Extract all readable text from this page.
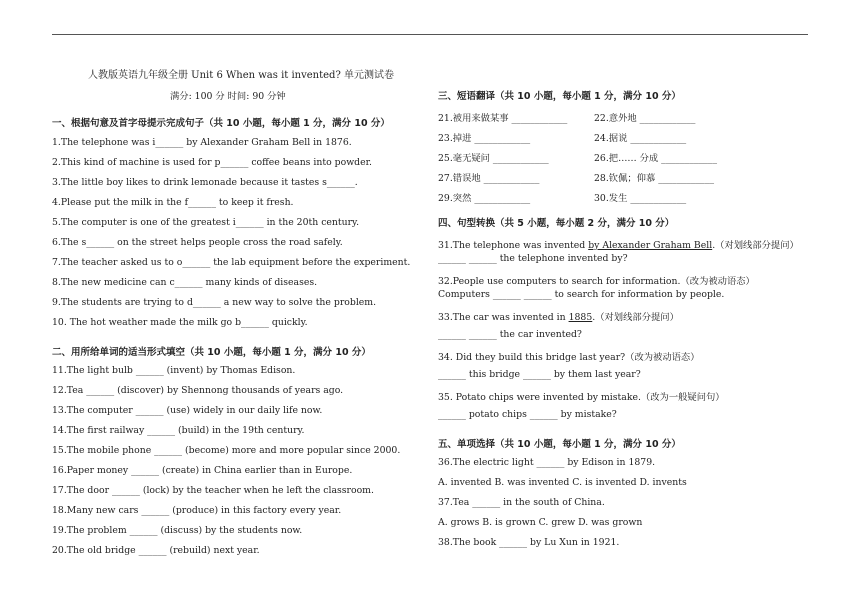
人教版英语九年级全册 Unit 6 When was it invented? 单元测试卷
满分: 100 分 时间: 90 分钟
一、根据句意及首字母提示完成句子（共 10 小题，每小题 1 分，满分 10 分）
1.The telephone was i______ by Alexander Graham Bell in 1876.
2.This kind of machine is used for p______ coffee beans into powder.
3.The little boy likes to drink lemonade because it tastes s______.
4.Please put the milk in the f______ to keep it fresh.
5.The computer is one of the greatest i______ in the 20th century.
6.The s______ on the street helps people cross the road safely.
7.The teacher asked us to o______ the lab equipment before the experiment.
8.The new medicine can c______ many kinds of diseases.
9.The students are trying to d______ a new way to solve the problem.
10. The hot weather made the milk go b______ quickly.
二、用所给单词的适当形式填空（共 10 小题，每小题 1 分，满分 10 分）
11.The light bulb ______ (invent) by Thomas Edison.
12.Tea ______ (discover) by Shennong thousands of years ago.
13.The computer ______ (use) widely in our daily life now.
14.The first railway ______ (build) in the 19th century.
15.The mobile phone ______ (become) more and more popular since 2000.
16.Paper money ______ (create) in China earlier than in Europe.
17.The door ______ (lock) by the teacher when he left the classroom.
18.Many new cars ______ (produce) in this factory every year.
19.The problem ______ (discuss) by the students now.
20.The old bridge ______ (rebuild) next year.
三、短语翻译（共 10 小题，每小题 1 分，满分 10 分）
21.被用来做某事 ____________	22.意外地 ____________
23.掉进 ____________	24.据说 ____________
25.毫无疑问 ____________	26.把…… 分成 ____________
27.错误地 ____________	28.钦佩；仰慕 ____________
29.突然 ____________	30.发生 ____________
四、句型转换（共 5 小题，每小题 2 分，满分 10 分）
31.The telephone was invented by Alexander Graham Bell.（对划线部分提问）
______ ______ the telephone invented by?
32.People use computers to search for information.（改为被动语态）
Computers ______ ______ to search for information by people.
33.The car was invented in 1885.（对划线部分提问）
______ ______ the car invented?
34. Did they build this bridge last year?（改为被动语态）
______ this bridge ______ by them last year?
35. Potato chips were invented by mistake.（改为一般疑问句）
______ potato chips ______ by mistake?
五、单项选择（共 10 小题，每小题 1 分，满分 10 分）
36.The electric light ______ by Edison in 1879.
A. invented B. was invented C. is invented D. invents
37.Tea ______ in the south of China.
A. grows B. is grown C. grew D. was grown
38.The book ______ by Lu Xun in 1921.
